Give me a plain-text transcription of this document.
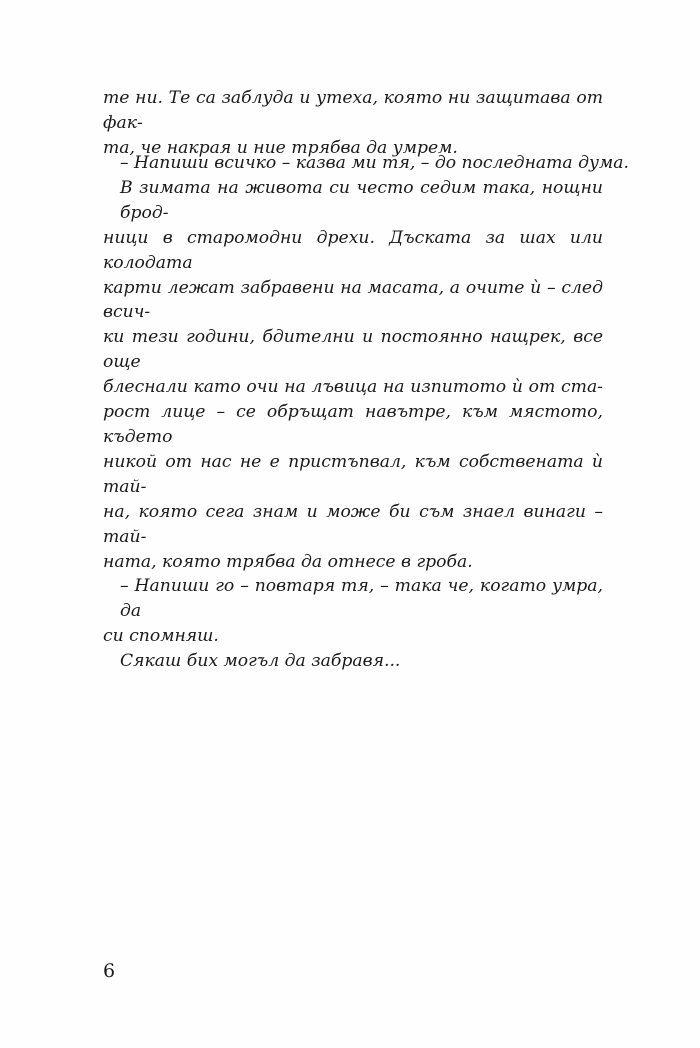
те ни. Те са заблуда и утеха, която ни защитава от фак-
та, че накрая и ние трябва да умрем.
– Напиши всичко – казва ми тя, – до последната дума.
В зимата на живота си често седим така, нощни брод-
ници в старомодни дрехи. Дъската за шах или колодата
карти лежат забравени на масата, а очите ѝ – след всич-
ки тези години, бдителни и постоянно нащрек, все още
блеснали като очи на лъвица на изпитото ѝ от ста-
рост лице – се обръщат навътре, към мястото, където
никой от нас не е пристъпвал, към собствената ѝ тай-
на, която сега знам и може би съм знаел винаги – тай-
ната, която трябва да отнесе в гроба.
– Напиши го – повтаря тя, – така че, когато умра, да
си спомняш.
Сякаш бих могъл да забравя...
6
